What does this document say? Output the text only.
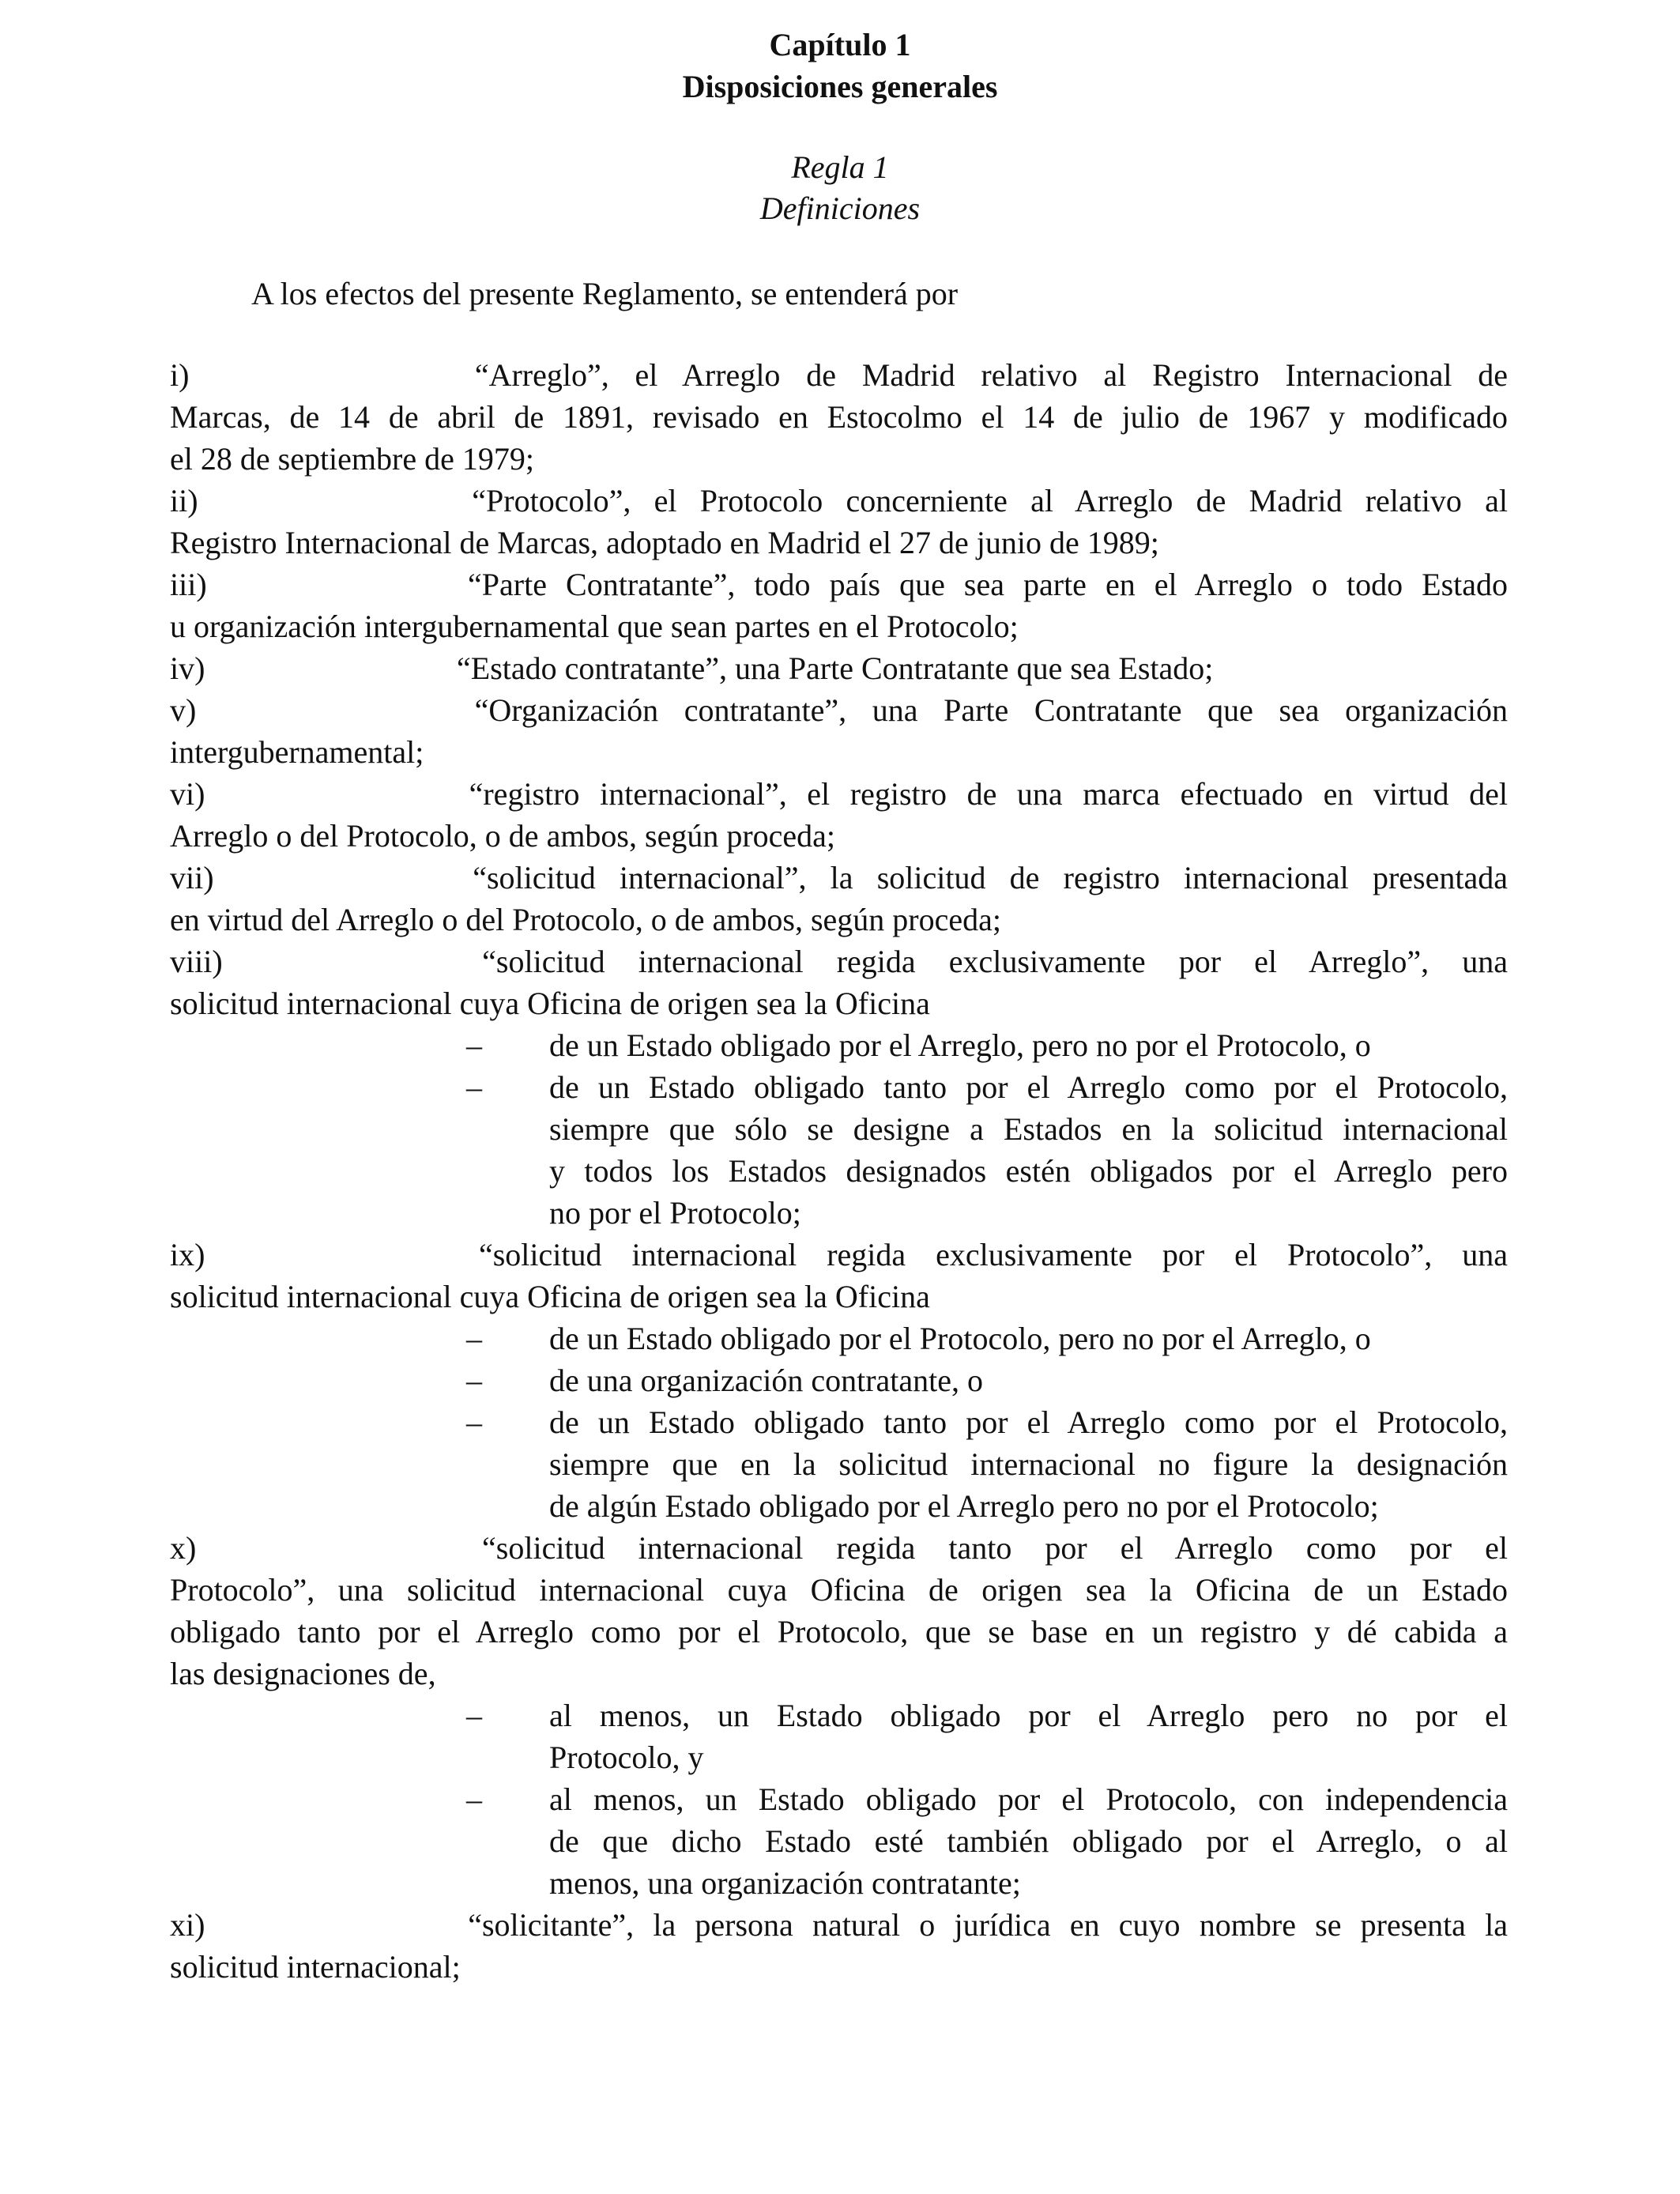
Capítulo 1
Disposiciones generales
Regla 1
Definiciones
A los efectos del presente Reglamento, se entenderá por

i)	“Arreglo”, el Arreglo de Madrid relativo al Registro Internacional de

Marcas, de 14 de abril de 1891, revisado en Estocolmo el 14 de julio de 1967 y modificado

el 28 de septiembre de 1979;

ii)	“Protocolo”, el Protocolo concerniente al Arreglo de Madrid relativo al

Registro Internacional de Marcas, adoptado en Madrid el 27 de junio de 1989;

iii)	“Parte Contratante”, todo país que sea parte en el Arreglo o todo Estado

u organización intergubernamental que sean partes en el Protocolo;

iv)	“Estado contratante”, una Parte Contratante que sea Estado;

v)	“Organización contratante”, una Parte Contratante que sea organización

intergubernamental;

vi)	“registro internacional”, el registro de una marca efectuado en virtud del

Arreglo o del Protocolo, o de ambos, según proceda;

vii)	“solicitud internacional”, la solicitud de registro internacional presentada

en virtud del Arreglo o del Protocolo, o de ambos, según proceda;

viii)	“solicitud internacional regida exclusivamente por el Arreglo”, una

solicitud internacional cuya Oficina de origen sea la Oficina

– de un Estado obligado por el Arreglo, pero no por el Protocolo, o

– de un Estado obligado tanto por el Arreglo como por el Protocolo,

siempre que sólo se designe a Estados en la solicitud internacional

y todos los Estados designados estén obligados por el Arreglo pero

no por el Protocolo;

ix)	“solicitud internacional regida exclusivamente por el Protocolo”, una

solicitud internacional cuya Oficina de origen sea la Oficina

– de un Estado obligado por el Protocolo, pero no por el Arreglo, o

– de una organización contratante, o

– de un Estado obligado tanto por el Arreglo como por el Protocolo,

siempre que en la solicitud internacional no figure la designación

de algún Estado obligado por el Arreglo pero no por el Protocolo;

x)	“solicitud internacional regida tanto por el Arreglo como por el

Protocolo”, una solicitud internacional cuya Oficina de origen sea la Oficina de un Estado

obligado tanto por el Arreglo como por el Protocolo, que se base en un registro y dé cabida a

las designaciones de,

– al menos, un Estado obligado por el Arreglo pero no por el

Protocolo, y

– al menos, un Estado obligado por el Protocolo, con independencia

de que dicho Estado esté también obligado por el Arreglo, o al

menos, una organización contratante;

xi)	“solicitante”, la persona natural o jurídica en cuyo nombre se presenta la

solicitud internacional;
